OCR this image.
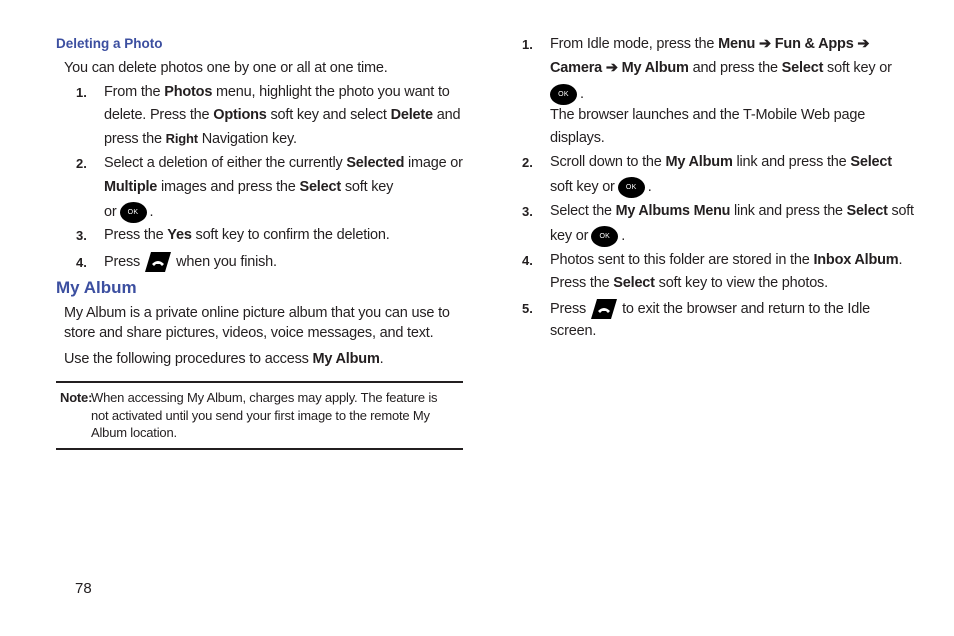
Deleting a Photo
You can delete photos one by one or all at one time.
1. From the Photos menu, highlight the photo you want to
delete. Press the Options soft key and select Delete and
press the Right Navigation key.
2. Select a deletion of either the currently Selected image or
Multiple images and press the Select soft key
or OK .
3. Press the Yes soft key to confirm the deletion.
4. Press when you finish.
My Album
My Album is a private online picture album that you can use to
store and share pictures, videos, voice messages, and text.
Use the following procedures to access My Album.
Note:
When accessing My Album, charges may apply. The feature is
not activated until you send your first image to the remote My
Album location.
1. From Idle mode, press the Menu ➔ Fun & Apps ➔
Camera ➔ My Album and press the Select soft key or
OK .
The browser launches and the T-Mobile Web page
displays.
2. Scroll down to the My Album link and press the Select
soft key or OK .
3. Select the My Albums Menu link and press the Select soft
key or OK .
4. Photos sent to this folder are stored in the Inbox Album.
Press the Select soft key to view the photos.
5. Press to exit the browser and return to the Idle
screen.
78
